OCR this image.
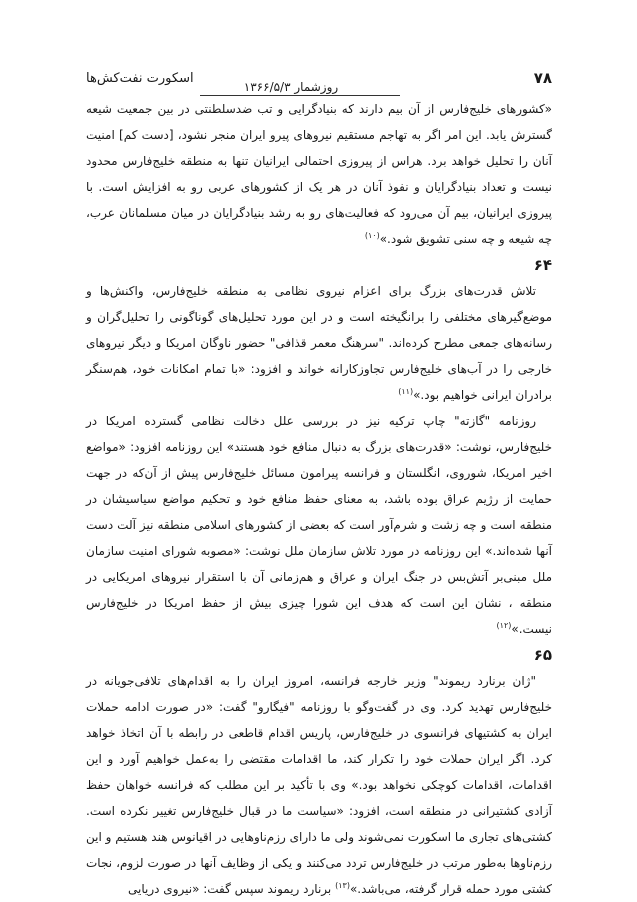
اسکورت نفت‌کش‌ها
روزشمار ۱۳۶۶/۵/۳	۷۸

«کشورهای خلیج‌فارس از آن بیم دارند که بنیادگرایی و تب ضدسلطنتی در بین جمعیت شیعه گسترش یابد. این امر اگر به تهاجم مستقیم نیروهای پیرو ایران منجر نشود، [دست کم] امنیت آنان را تحلیل خواهد برد. هراس از پیروزی احتمالی ایرانیان تنها به منطقه خلیج‌فارس محدود نیست و تعداد بنیادگرایان و نفوذ آنان در هر یک از کشورهای عربی رو به افزایش است. با پیروزی ایرانیان، بیم آن می‌رود که فعالیت‌های رو به رشد بنیادگرایان در میان مسلمانان عرب، چه شیعه و چه سنی تشویق شود.»$^{(۱۰)}$

۶۴

تلاش قدرت‌های بزرگ برای اعزام نیروی نظامی به منطقه خلیج‌فارس، واکنش‌ها و موضع‌گیرهای مختلفی را برانگیخته است و در این مورد تحلیل‌های گوناگونی را تحلیل‌گران و رسانه‌های جمعی مطرح کرده‌اند. "سرهنگ معمر قذافی" حضور ناوگان امریکا و دیگر نیروهای خارجی را در آب‌های خلیج‌فارس تجاوزکارانه خواند و افزود: «با تمام امکانات خود، هم‌سنگر برادران ایرانی خواهیم بود.»$^{(۱۱)}$

روزنامه "گازته" چاپ ترکیه نیز در بررسی علل دخالت نظامی گسترده امریکا در خلیج‌فارس، نوشت: «قدرت‌های بزرگ به دنبال منافع خود هستند» این روزنامه افزود: «مواضع اخیر امریکا، شوروی، انگلستان و فرانسه پیرامون مسائل خلیج‌فارس پیش از آن‌که در جهت حمایت از رژیم عراق بوده باشد، به معنای حفظ منافع خود و تحکیم مواضع سیاسیشان در منطقه است و چه زشت و شرم‌آور است که بعضی از کشورهای اسلامی منطقه نیز آلت دست آنها شده‌اند.» این روزنامه در مورد تلاش سازمان ملل نوشت: «مصوبه شورای امنیت سازمان ملل مبنی‌بر آتش‌بس در جنگ ایران و عراق و هم‌زمانی آن با استقرار نیروهای امریکایی در منطقه ، نشان این است که هدف این شورا چیزی بیش از حفظ امریکا در خلیج‌فارس نیست.»$^{(۱۲)}$

۶۵

"ژان برنارد ریموند" وزیر خارجه فرانسه، امروز ایران را به اقدام‌های تلافی‌جویانه در خلیج‌فارس تهدید کرد. وی در گفت‌وگو با روزنامه "فیگارو" گفت: «در صورت ادامه حملات ایران به کشتیهای فرانسوی در خلیج‌فارس، پاریس اقدام قاطعی در رابطه با آن اتخاذ خواهد کرد. اگر ایران حملات خود را تکرار کند، ما اقدامات مقتضی را به‌عمل خواهیم آورد و این اقدامات، اقدامات کوچکی نخواهد بود.» وی با تأکید بر این مطلب که فرانسه خواهان حفظ آزادی کشتیرانی در منطقه است، افزود: «سیاست ما در قبال خلیج‌فارس تغییر نکرده است. کشتی‌های تجاری ما اسکورت نمی‌شوند ولی ما دارای رزم‌ناوهایی در اقیانوس هند هستیم و این رزم‌ناوها به‌طور مرتب در خلیج‌فارس تردد می‌کنند و یکی از وظایف آنها در صورت لزوم، نجات کشتی مورد حمله قرار گرفته، می‌باشد.»$^{(۱۳)}$ برنارد ریموند سپس گفت: «نیروی دریایی
